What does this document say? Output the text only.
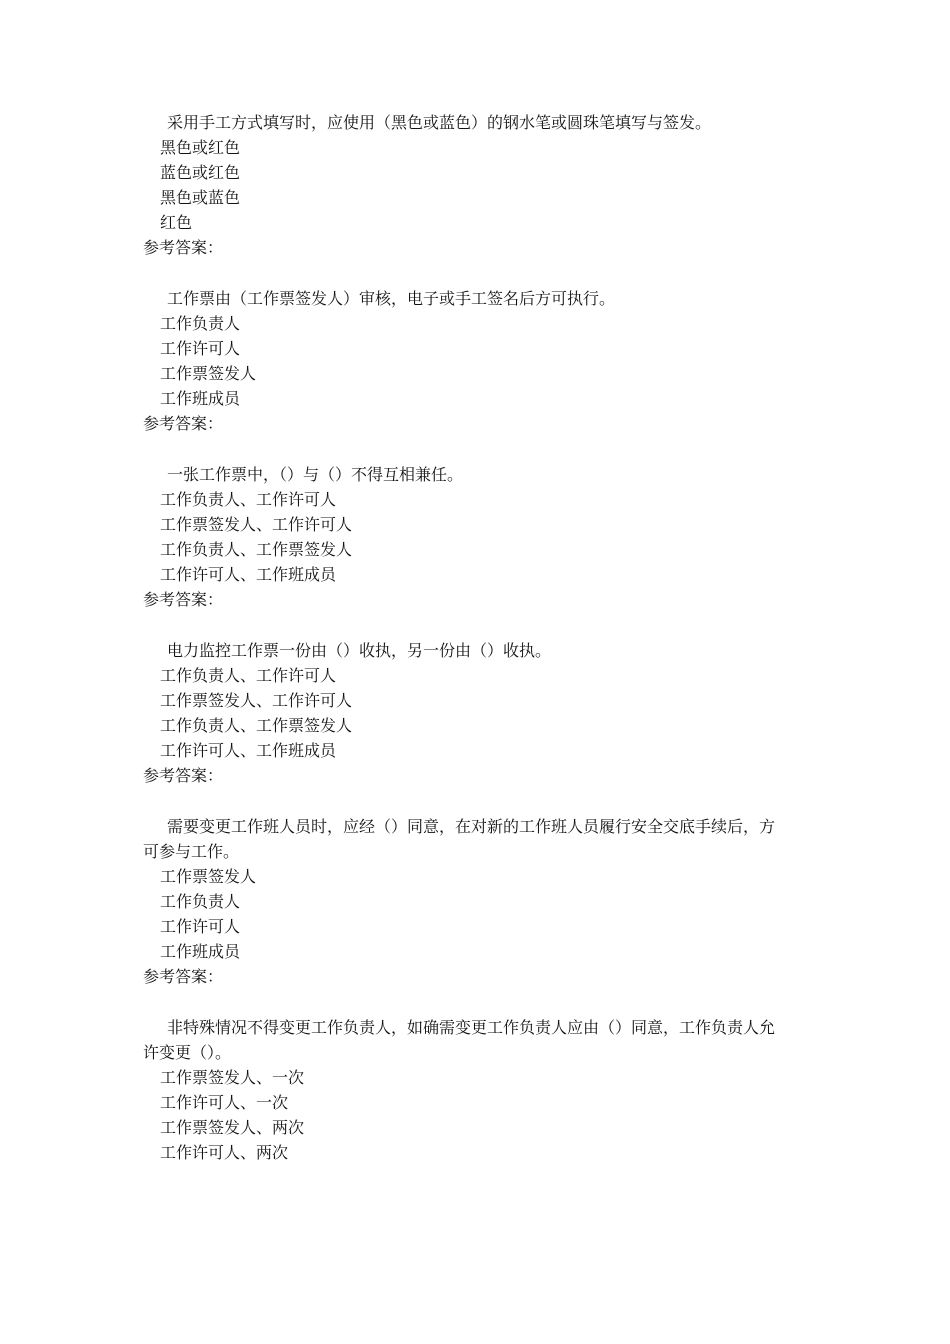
采用手工方式填写时，应使用（黑色或蓝色）的钢水笔或圆珠笔填写与签发。
黑色或红色
蓝色或红色
黑色或蓝色
红色
参考答案：
工作票由（工作票签发人）审核，电子或手工签名后方可执行。
工作负责人
工作许可人
工作票签发人
工作班成员
参考答案：
一张工作票中，（）与（）不得互相兼任。
工作负责人、工作许可人
工作票签发人、工作许可人
工作负责人、工作票签发人
工作许可人、工作班成员
参考答案：
电力监控工作票一份由（）收执，另一份由（）收执。
工作负责人、工作许可人
工作票签发人、工作许可人
工作负责人、工作票签发人
工作许可人、工作班成员
参考答案：
需要变更工作班人员时，应经（）同意，在对新的工作班人员履行安全交底手续后，方可参与工作。
工作票签发人
工作负责人
工作许可人
工作班成员
参考答案：
非特殊情况不得变更工作负责人，如确需变更工作负责人应由（）同意，工作负责人允许变更（）。
工作票签发人、一次
工作许可人、一次
工作票签发人、两次
工作许可人、两次
